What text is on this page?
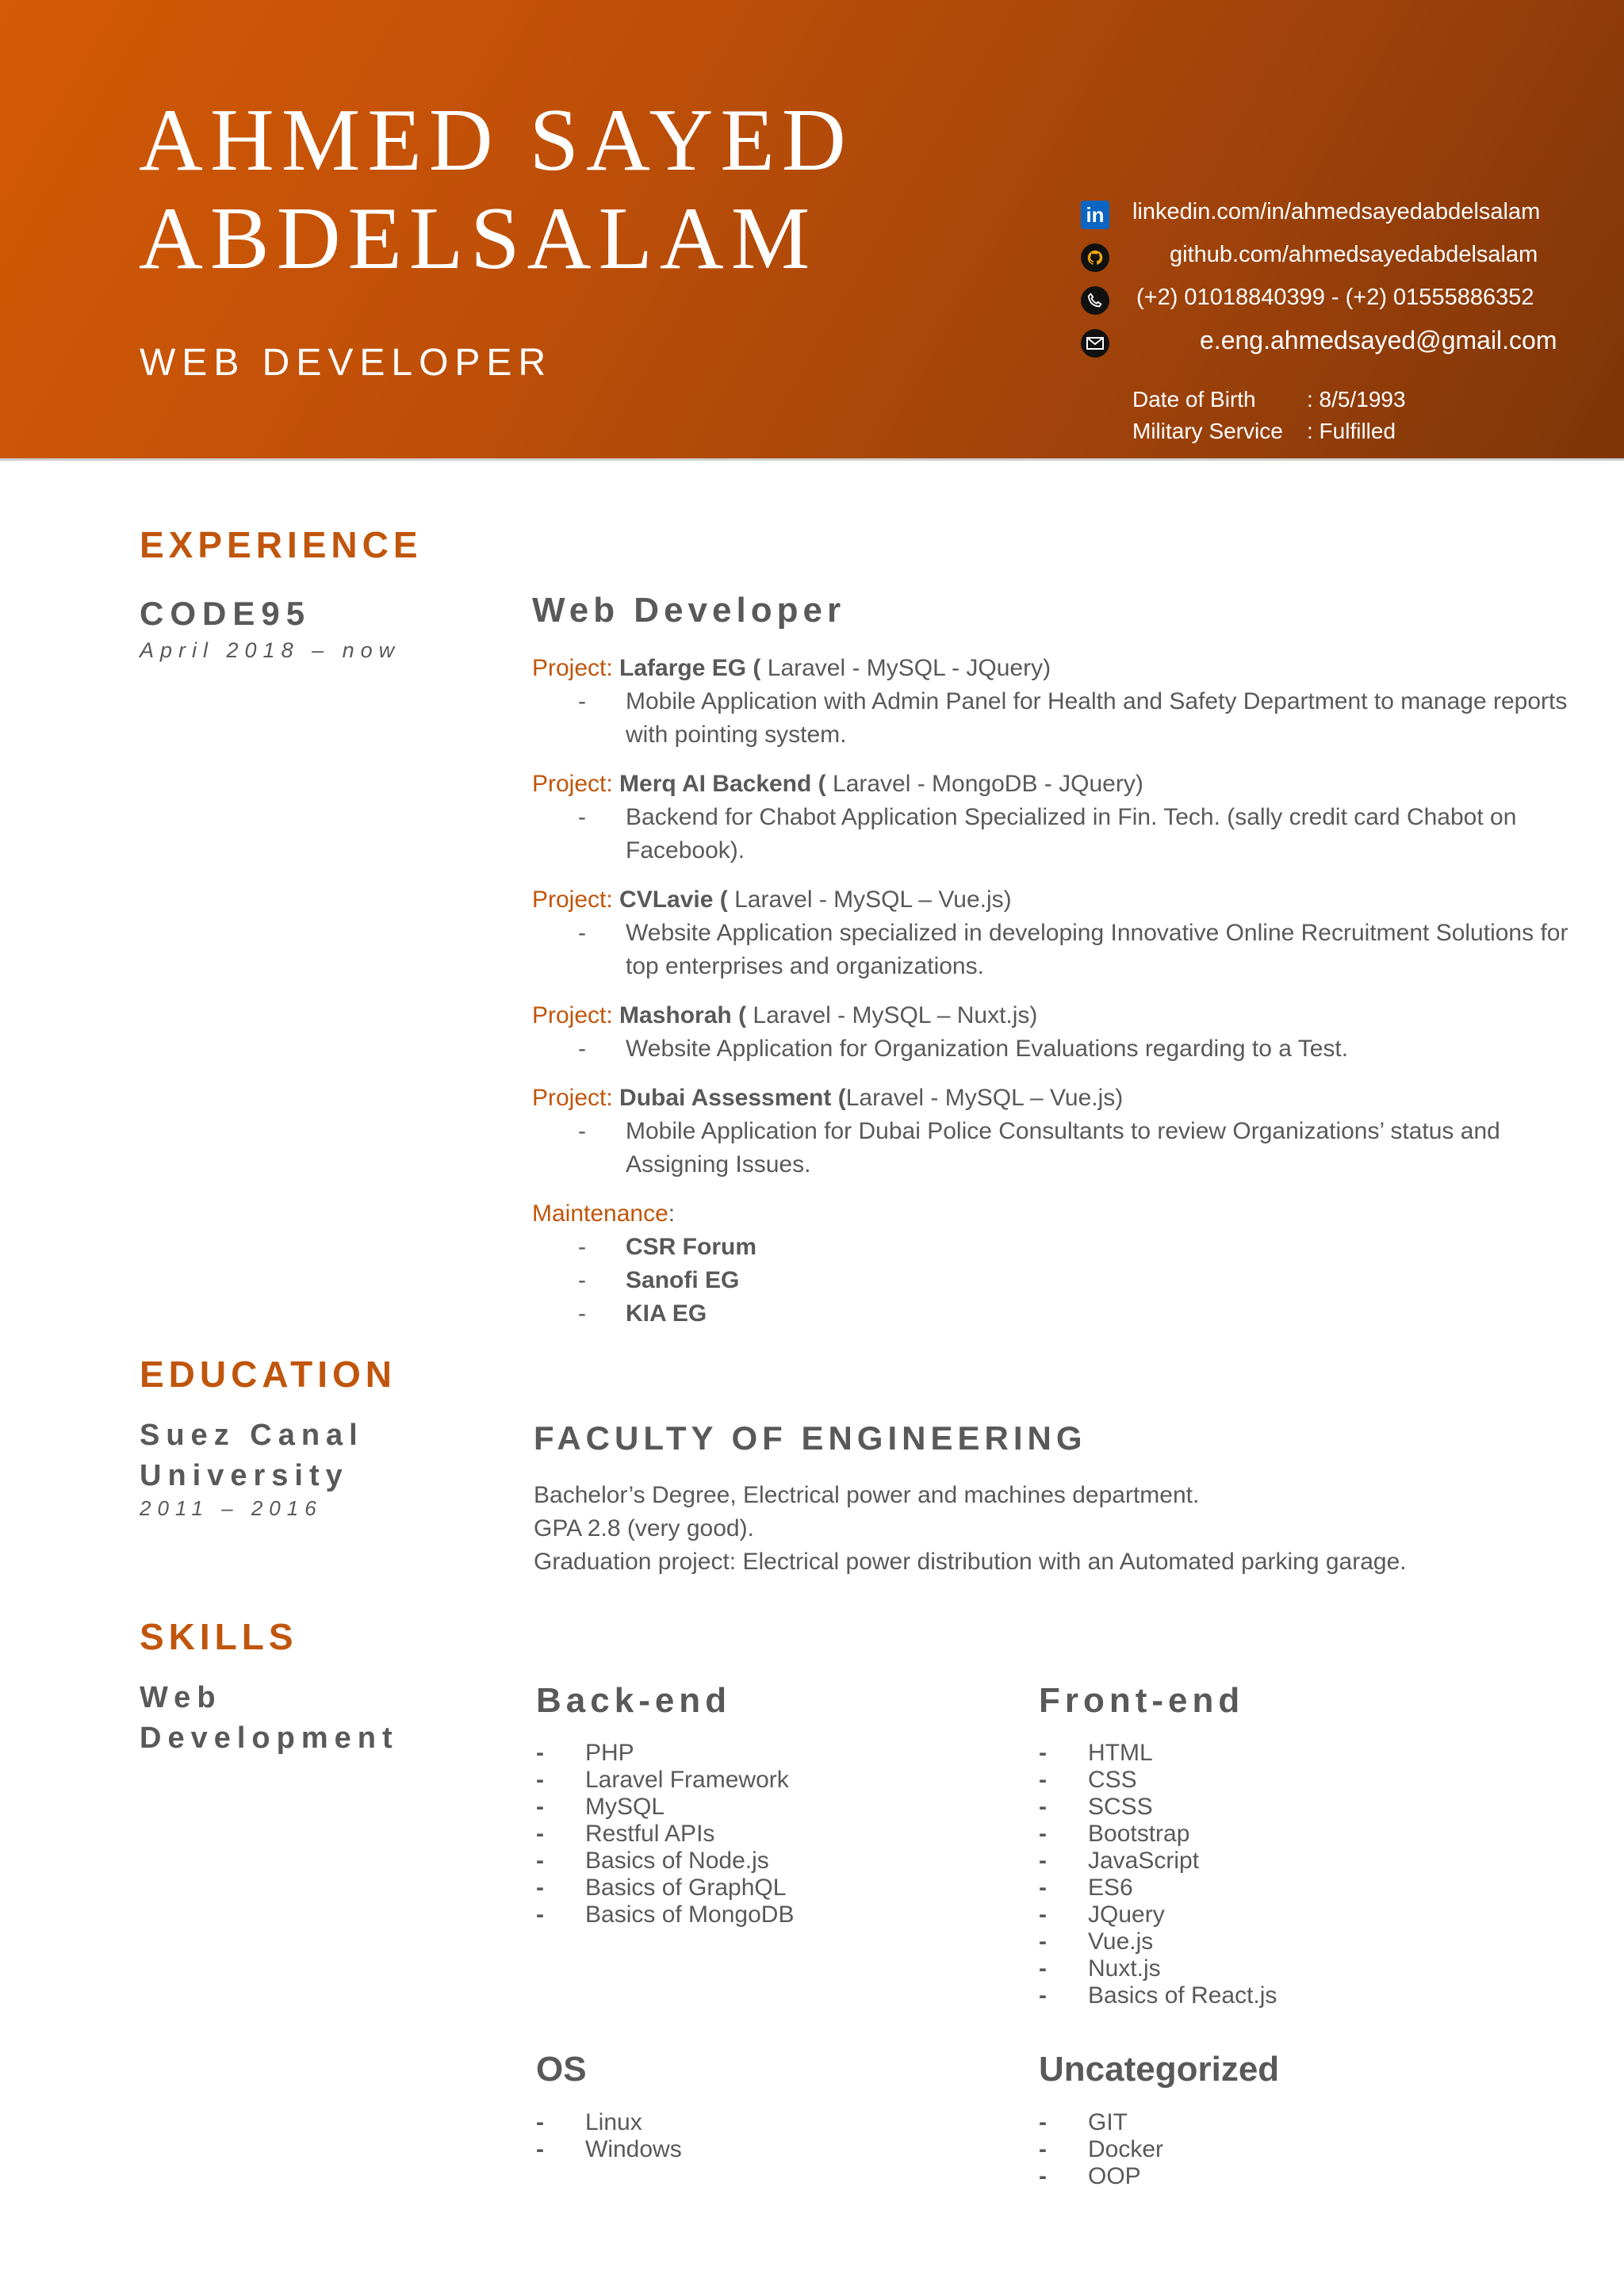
AHMED SAYED
ABDELSALAM
WEB DEVELOPER
in linkedin.com/in/ahmedsayedabdelsalam
github.com/ahmedsayedabdelsalam
(+2) 01018840399 - (+2) 01555886352
e.eng.ahmedsayed@gmail.com
Date of Birth	: 8/5/1993
Military Service	: Fulfilled
EXPERIENCE
CODE95
April 2018 – now
Web Developer
Project: Lafarge EG ( Laravel - MySQL - JQuery)
-	Mobile Application with Admin Panel for Health and Safety Department to manage reports with pointing system.
Project: Merq AI Backend ( Laravel - MongoDB - JQuery)
-	Backend for Chabot Application Specialized in Fin. Tech. (sally credit card Chabot on Facebook).
Project: CVLavie ( Laravel - MySQL – Vue.js)
-	Website Application specialized in developing Innovative Online Recruitment Solutions for top enterprises and organizations.
Project: Mashorah ( Laravel - MySQL – Nuxt.js)
-	Website Application for Organization Evaluations regarding to a Test.
Project: Dubai Assessment (Laravel - MySQL – Vue.js)
-	Mobile Application for Dubai Police Consultants to review Organizations’ status and Assigning Issues.
Maintenance:
-	CSR Forum
-	Sanofi EG
-	KIA EG
EDUCATION
Suez Canal
University
2011 – 2016
FACULTY OF ENGINEERING
Bachelor’s Degree, Electrical power and machines department.
GPA 2.8 (very good).
Graduation project: Electrical power distribution with an Automated parking garage.
SKILLS
Web
Development
Back-end
-	PHP
-	Laravel Framework
-	MySQL
-	Restful APIs
-	Basics of Node.js
-	Basics of GraphQL
-	Basics of MongoDB
Front-end
-	HTML
-	CSS
-	SCSS
-	Bootstrap
-	JavaScript
-	ES6
-	JQuery
-	Vue.js
-	Nuxt.js
-	Basics of React.js
OS
-	Linux
-	Windows
Uncategorized
-	GIT
-	Docker
-	OOP
